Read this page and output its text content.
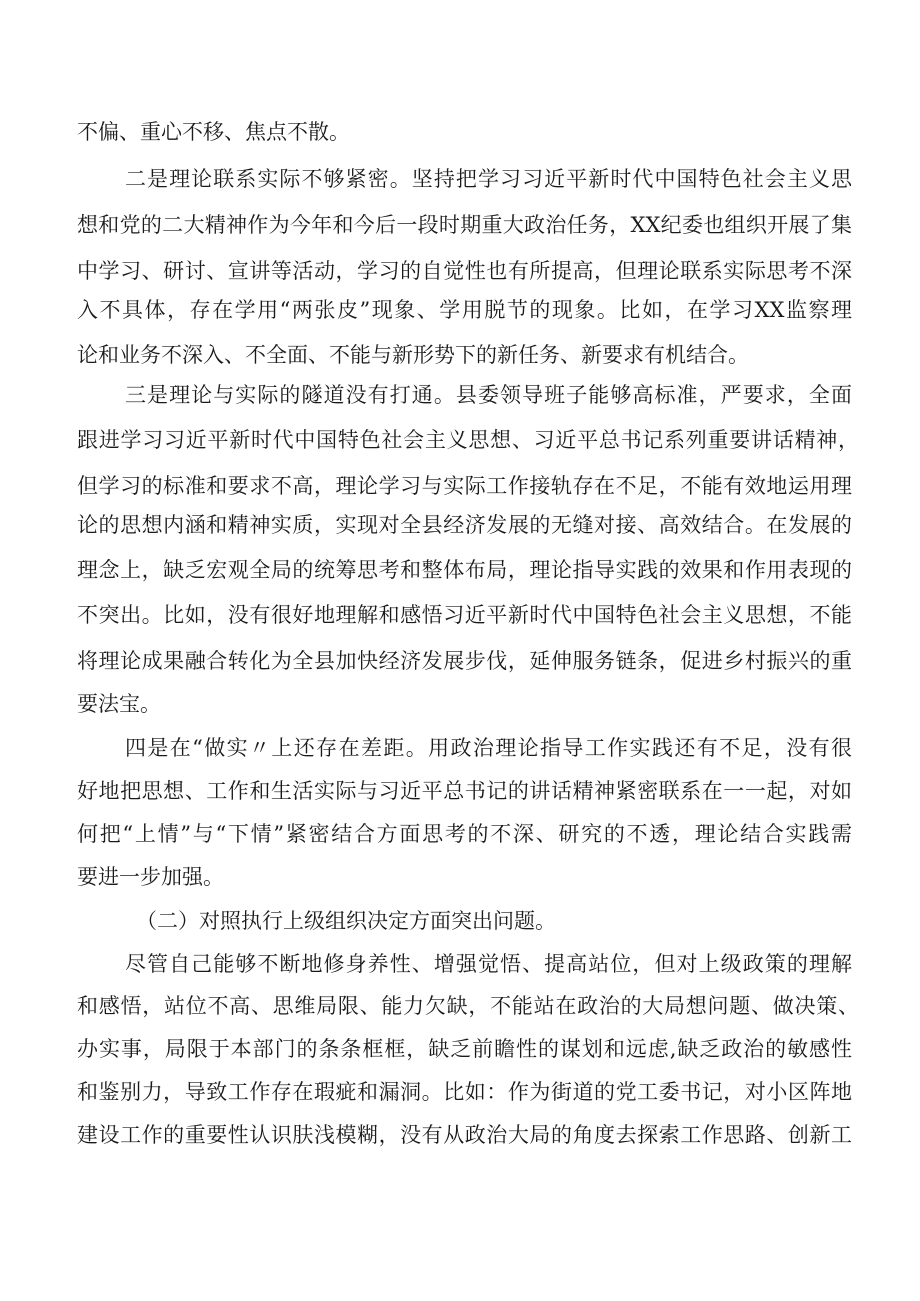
不偏、重心不移、焦点不散。
二是理论联系实际不够紧密。坚持把学习习近平新时代中国特色社会主义思
想和党的二大精神作为今年和今后一段时期重大政治任务，XX纪委也组织开展了集
中学习、研讨、宣讲等活动，学习的自觉性也有所提高，但理论联系实际思考不深
入不具体，存在学用“两张皮”现象、学用脱节的现象。比如，在学习XX监察理
论和业务不深入、不全面、不能与新形势下的新任务、新要求有机结合。
三是理论与实际的隧道没有打通。县委领导班子能够高标准，严要求，全面
跟进学习习近平新时代中国特色社会主义思想、习近平总书记系列重要讲话精神，
但学习的标准和要求不高，理论学习与实际工作接轨存在不足，不能有效地运用理
论的思想内涵和精神实质，实现对全县经济发展的无缝对接、高效结合。在发展的
理念上，缺乏宏观全局的统筹思考和整体布局，理论指导实践的效果和作用表现的
不突出。比如，没有很好地理解和感悟习近平新时代中国特色社会主义思想，不能
将理论成果融合转化为全县加快经济发展步伐，延伸服务链条，促进乡村振兴的重
要法宝。
四是在“做实〃上还存在差距。用政治理论指导工作实践还有不足，没有很
好地把思想、工作和生活实际与习近平总书记的讲话精神紧密联系在一一起，对如
何把“上情”与“下情”紧密结合方面思考的不深、研究的不透，理论结合实践需
要进一步加强。
（二）对照执行上级组织决定方面突出问题。
尽管自己能够不断地修身养性、增强觉悟、提高站位，但对上级政策的理解
和感悟，站位不高、思维局限、能力欠缺，不能站在政治的大局想问题、做决策、
办实事，局限于本部门的条条框框，缺乏前瞻性的谋划和远虑,缺乏政治的敏感性
和鉴别力，导致工作存在瑕疵和漏洞。比如：作为街道的党工委书记，对小区阵地
建设工作的重要性认识肤浅模糊，没有从政治大局的角度去探索工作思路、创新工
